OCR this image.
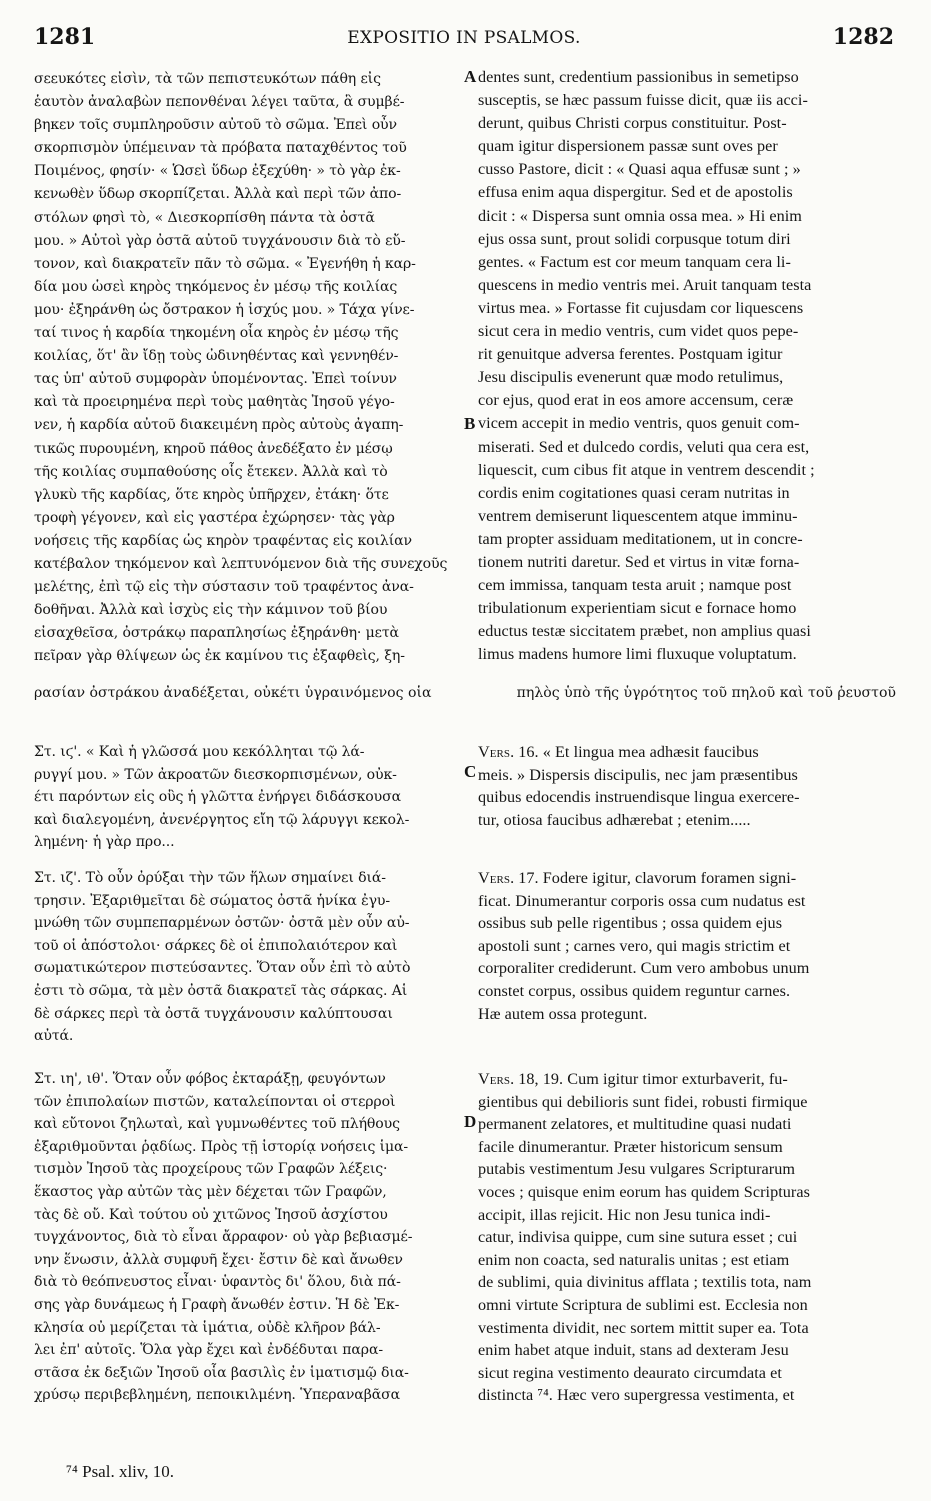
1281	EXPOSITIO IN PSALMOS.	1282
σεευκότες εἰσὶν, τὰ τῶν πεπιστευκότων πάθη εἰς
ἑαυτὸν ἀναλαβὼν πεπονθέναι λέγει ταῦτα, ἃ συμβέ-
βηκεν τοῖς συμπληροῦσιν αὐτοῦ τὸ σῶμα. Ἐπεὶ οὖν
σκορπισμὸν ὑπέμειναν τὰ πρόβατα παταχθέντος τοῦ
Ποιμένος, φησίν· « Ὡσεὶ ὕδωρ ἐξεχύθη· » τὸ γὰρ ἐκ-
κενωθὲν ὕδωρ σκορπίζεται. Ἀλλὰ καὶ περὶ τῶν ἀπο-
στόλων φησὶ τὸ, « Διεσκορπίσθη πάντα τὰ ὀστᾶ
μου. » Αὐτοὶ γὰρ ὀστᾶ αὐτοῦ τυγχάνουσιν διὰ τὸ εὔ-
τονον, καὶ διακρατεῖν πᾶν τὸ σῶμα. « Ἐγενήθη ἡ καρ-
δία μου ὡσεὶ κηρὸς τηκόμενος ἐν μέσῳ τῆς κοιλίας
μου· ἐξηράνθη ὡς ὄστρακον ἡ ἰσχύς μου. » Τάχα γίνε-
ταί τινος ἡ καρδία τηκομένη οἷα κηρὸς ἐν μέσῳ τῆς
κοιλίας, ὅτ' ἂν ἴδῃ τοὺς ὠδινηθέντας καὶ γεννηθέν-
τας ὑπ' αὐτοῦ συμφορὰν ὑπομένοντας. Ἐπεὶ τοίνυν
καὶ τὰ προειρημένα περὶ τοὺς μαθητὰς Ἰησοῦ γέγο-
νεν, ἡ καρδία αὐτοῦ διακειμένη πρὸς αὐτοὺς ἀγαπη-
τικῶς πυρουμένη, κηροῦ πάθος ἀνεδέξατο ἐν μέσῳ
τῆς κοιλίας συμπαθούσης οἷς ἔτεκεν. Ἀλλὰ καὶ τὸ
γλυκὺ τῆς καρδίας, ὅτε κηρὸς ὑπῆρχεν, ἐτάκη· ὅτε
τροφὴ γέγονεν, καὶ εἰς γαστέρα ἐχώρησεν· τὰς γὰρ
νοήσεις τῆς καρδίας ὡς κηρὸν τραφέντας εἰς κοιλίαν
κατέβαλον τηκόμενον καὶ λεπτυνόμενον διὰ τῆς συνεχοῦς
μελέτης, ἐπὶ τῷ εἰς τὴν σύστασιν τοῦ τραφέντος ἀνα-
δοθῆναι. Ἀλλὰ καὶ ἰσχὺς εἰς τὴν κάμινον τοῦ βίου
εἰσαχθεῖσα, ὀστράκῳ παραπλησίως ἐξηράνθη· μετὰ
πεῖραν γὰρ θλίψεων ὡς ἐκ καμίνου τις ἐξαφθεὶς, ξη-
ρασίαν ὀστράκου ἀναδέξεται, οὐκέτι ὑγραινόμενος οἷα	πηλὸς ὑπὸ τῆς ὑγρότητος τοῦ πηλοῦ καὶ τοῦ ῥευστοῦ

Στ. ιϛ'. « Καὶ ἡ γλῶσσά μου κεκόλληται τῷ λά-
ρυγγί μου. » Τῶν ἀκροατῶν διεσκορπισμένων, οὐκ-
έτι παρόντων εἰς οὓς ἡ γλῶττα ἐνήργει διδάσκουσα
καὶ διαλεγομένη, ἀνενέργητος εἴη τῷ λάρυγγι κεκολ-
λημένη· ἡ γὰρ προ...
Στ. ιζ'. Τὸ οὖν ὀρύξαι τὴν τῶν ἥλων σημαίνει διά-
τρησιν. Ἐξαριθμεῖται δὲ σώματος ὀστᾶ ἡνίκα ἐγυ-
μνώθη τῶν συμπεπαρμένων ὀστῶν· ὀστᾶ μὲν οὖν αὐ-
τοῦ οἱ ἀπόστολοι· σάρκες δὲ οἱ ἐπιπολαιότερον καὶ
σωματικώτερον πιστεύσαντες. Ὅταν οὖν ἐπὶ τὸ αὐτὸ
ἐστι τὸ σῶμα, τὰ μὲν ὀστᾶ διακρατεῖ τὰς σάρκας. Αἱ
δὲ σάρκες περὶ τὰ ὀστᾶ τυγχάνουσιν καλύπτουσαι
αὐτά.
Στ. ιη', ιθ'. Ὅταν οὖν φόβος ἐκταράξῃ, φευγόντων
τῶν ἐπιπολαίων πιστῶν, καταλείπονται οἱ στερροὶ
καὶ εὔτονοι ζηλωταὶ, καὶ γυμνωθέντες τοῦ πλήθους
ἐξαριθμοῦνται ῥᾳδίως. Πρὸς τῇ ἱστορίᾳ νοήσεις ἱμα-
τισμὸν Ἰησοῦ τὰς προχείρους τῶν Γραφῶν λέξεις·
ἕκαστος γὰρ αὐτῶν τὰς μὲν δέχεται τῶν Γραφῶν,
τὰς δὲ οὔ. Καὶ τούτου οὐ χιτῶνος Ἰησοῦ ἀσχίστου
τυγχάνοντος, διὰ τὸ εἶναι ἄρραφον· οὐ γὰρ βεβιασμέ-
νην ἕνωσιν, ἀλλὰ συμφυῆ ἔχει· ἔστιν δὲ καὶ ἄνωθεν
διὰ τὸ θεόπνευστος εἶναι· ὑφαντὸς δι' ὅλου, διὰ πά-
σης γὰρ δυνάμεως ἡ Γραφὴ ἄνωθέν ἐστιν. Ἡ δὲ Ἐκ-
κλησία οὐ μερίζεται τὰ ἱμάτια, οὐδὲ κλῆρον βάλ-
λει ἐπ' αὐτοῖς. Ὅλα γὰρ ἔχει καὶ ἐνδέδυται παρα-
στᾶσα ἐκ δεξιῶν Ἰησοῦ οἷα βασιλὶς ἐν ἱματισμῷ δια-
χρύσῳ περιβεβλημένη, πεποικιλμένη. Ὑπεραναβᾶσα
dentes sunt, credentium passionibus in semetipso
susceptis, se hæc passum fuisse dicit, quæ iis acci-
derunt, quibus Christi corpus constituitur. Post-
quam igitur dispersionem passæ sunt oves per
cusso Pastore, dicit : « Quasi aqua effusæ sunt ; »
effusa enim aqua dispergitur. Sed et de apostolis
dicit : « Dispersa sunt omnia ossa mea. » Hi enim
ejus ossa sunt, prout solidi corpusque totum diri
gentes. « Factum est cor meum tanquam cera li-
quescens in medio ventris mei. Aruit tanquam testa
virtus mea. » Fortasse fit cujusdam cor liquescens
sicut cera in medio ventris, cum videt quos pepe-
rit genuitque adversa ferentes. Postquam igitur
Jesu discipulis evenerunt quæ modo retulimus,
cor ejus, quod erat in eos amore accensum, ceræ
vicem accepit in medio ventris, quos genuit com-
miserati. Sed et dulcedo cordis, veluti qua cera est,
liquescit, cum cibus fit atque in ventrem descendit ;
cordis enim cogitationes quasi ceram nutritas in
ventrem demiserunt liquescentem atque imminu-
tam propter assiduam meditationem, ut in concre-
tionem nutriti daretur. Sed et virtus in vitæ forna-
cem immissa, tanquam testa aruit ; namque post
tribulationum experientiam sicut e fornace homo
eductus testæ siccitatem præbet, non amplius quasi
limus madens humore limi fluxuque voluptatum.
Vers. 16. « Et lingua mea adhæsit faucibus
meis. » Dispersis discipulis, nec jam præsentibus
quibus edocendis instruendisque lingua exercere-
tur, otiosa faucibus adhærebat ; etenim.....
Vers. 17. Fodere igitur, clavorum foramen signi-
ficat. Dinumerantur corporis ossa cum nudatus est
ossibus sub pelle rigentibus ; ossa quidem ejus
apostoli sunt ; carnes vero, qui magis strictim et
corporaliter crediderunt. Cum vero ambobus unum
constet corpus, ossibus quidem reguntur carnes.
Hæ autem ossa protegunt.
Vers. 18, 19. Cum igitur timor exturbaverit, fu-
gientibus qui debilioris sunt fidei, robusti firmique
permanent zelatores, et multitudine quasi nudati
facile dinumerantur. Præter historicum sensum
putabis vestimentum Jesu vulgares Scripturarum
voces ; quisque enim eorum has quidem Scripturas
accipit, illas rejicit. Hic non Jesu tunica indi-
catur, indivisa quippe, cum sine sutura esset ; cui
enim non coacta, sed naturalis unitas ; est etiam
de sublimi, quia divinitus afflata ; textilis tota, nam
omni virtute Scriptura de sublimi est. Ecclesia non
vestimenta dividit, nec sortem mittit super ea. Tota
enim habet atque induit, stans ad dexteram Jesu
sicut regina vestimento deaurato circumdata et
distincta ⁷⁴. Hæc vero supergressa vestimenta, et
A
B
C
D
⁷⁴ Psal. xliv, 10.
